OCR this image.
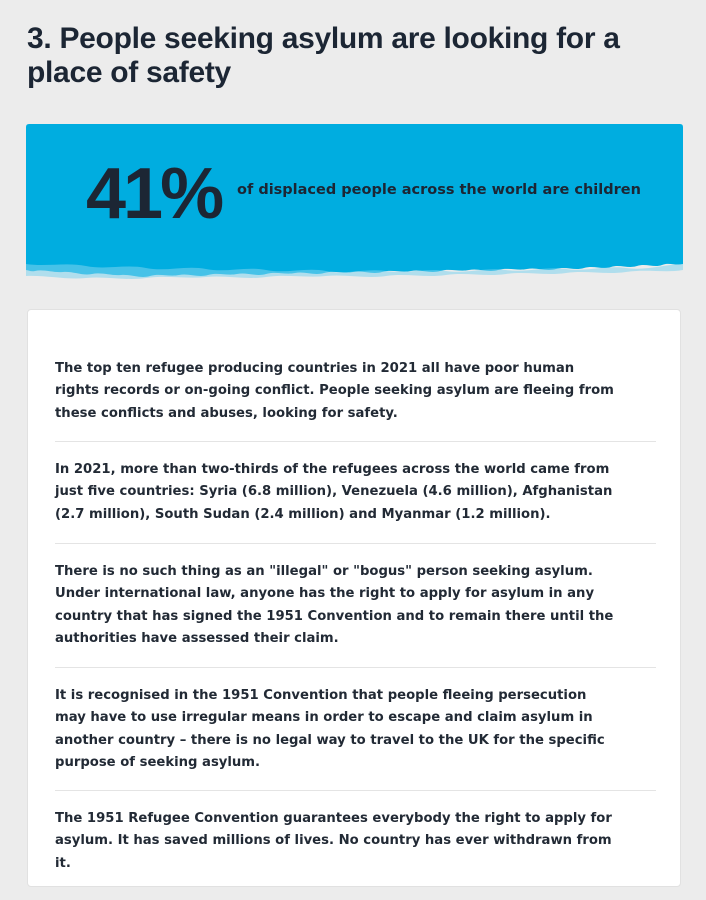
3. People seeking asylum are looking for a place of safety
41% of displaced people across the world are children

The top ten refugee producing countries in 2021 all have poor human rights records or on-going conflict. People seeking asylum are fleeing from these conflicts and abuses, looking for safety.

In 2021, more than two-thirds of the refugees across the world came from just five countries: Syria (6.8 million), Venezuela (4.6 million), Afghanistan (2.7 million), South Sudan (2.4 million) and Myanmar (1.2 million).

There is no such thing as an "illegal" or "bogus" person seeking asylum. Under international law, anyone has the right to apply for asylum in any country that has signed the 1951 Convention and to remain there until the authorities have assessed their claim.

It is recognised in the 1951 Convention that people fleeing persecution may have to use irregular means in order to escape and claim asylum in another country – there is no legal way to travel to the UK for the specific purpose of seeking asylum.

The 1951 Refugee Convention guarantees everybody the right to apply for asylum. It has saved millions of lives. No country has ever withdrawn from it.
